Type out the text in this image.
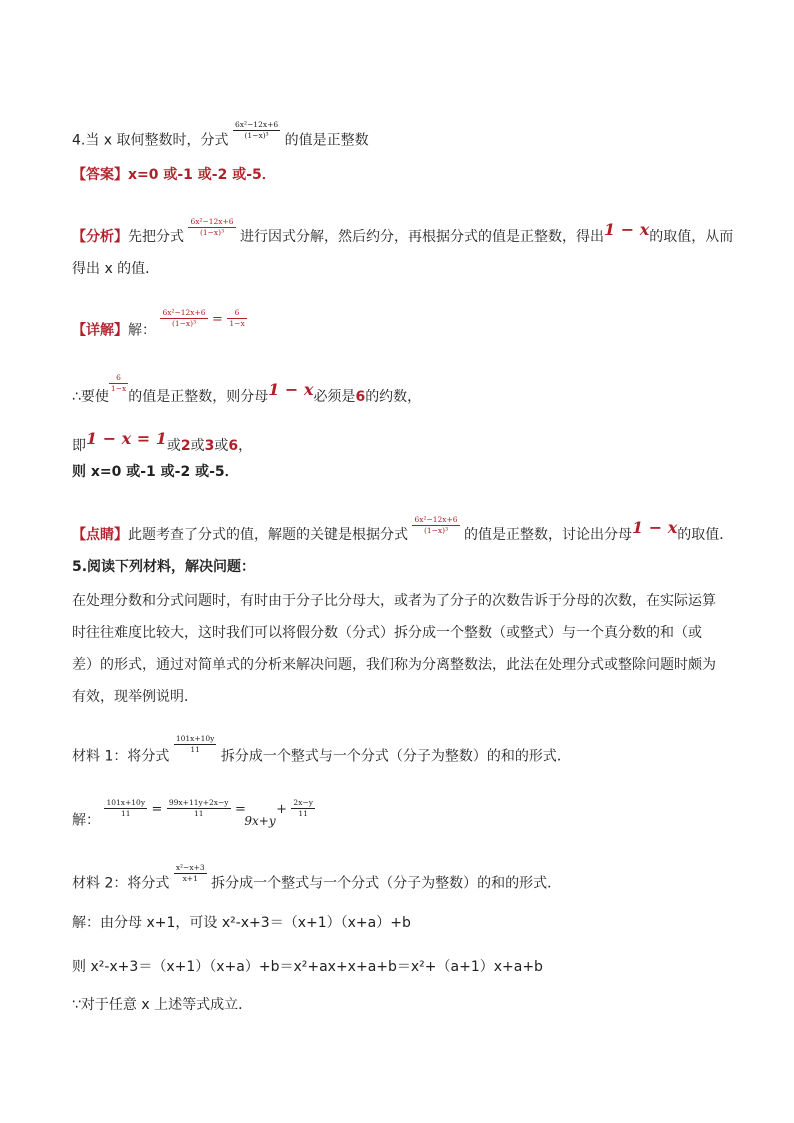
4.当 x 取何整数时，分式 $\frac{\text{6x²−12x+6}}{\text{(1−x)³}}$ 的值是正整数
【答案】x=0 或-1 或-2 或-5．
【分析】先把分式 $\frac{\text{6x²−12x+6}}{\text{(1−x)³}}$ 进行因式分解，然后约分，再根据分式的值是正整数，得出1 − x的取值，从而
得出 x 的值．
【详解】解：
$\frac{\text{6x²−12x+6}}{\text{(1−x)³}} = \frac{6}{1-x}$
∴要使
$\frac{6}{1-x}$
的值是正整数，则分母1 − x必须是6的约数，
即1 − x = 1或2或3或6，
则 x=0 或-1 或-2 或-5．
【点睛】此题考查了分式的值，解题的关键是根据分式 $\frac{\text{6x²−12x+6}}{\text{(1−x)³}}$ 的值是正整数，讨论出分母1 − x的取值．
5.阅读下列材料，解决问题：
在处理分数和分式问题时，有时由于分子比分母大，或者为了分子的次数告诉于分母的次数，在实际运算时往往难度比较大，这时我们可以将假分数（分式）拆分成一个整数（或整式）与一个真分数的和（或差）的形式，通过对简单式的分析来解决问题，我们称为分离整数法，此法在处理分式或整除问题时颇为有效，现举例说明．
材料 1：将分式
$\frac{101x+10y}{11}$
拆分成一个整式与一个分式（分子为整数）的和的形式．
解：
$\frac{101x+10y}{11} = \frac{99x+11y+2x-y}{11} = 9x+y + \frac{2x-y}{11}$
材料 2：将分式 $\frac{\text{x²−x+3}}{x+1}$ 拆分成一个整式与一个分式（分子为整数）的和的形式．
解：由分母 x+1，可设 x²-x+3＝（x+1）（x+a）+b
则 x²-x+3＝（x+1）（x+a）+b＝x²+ax+x+a+b＝x²+（a+1）x+a+b
∵对于任意 x 上述等式成立．
